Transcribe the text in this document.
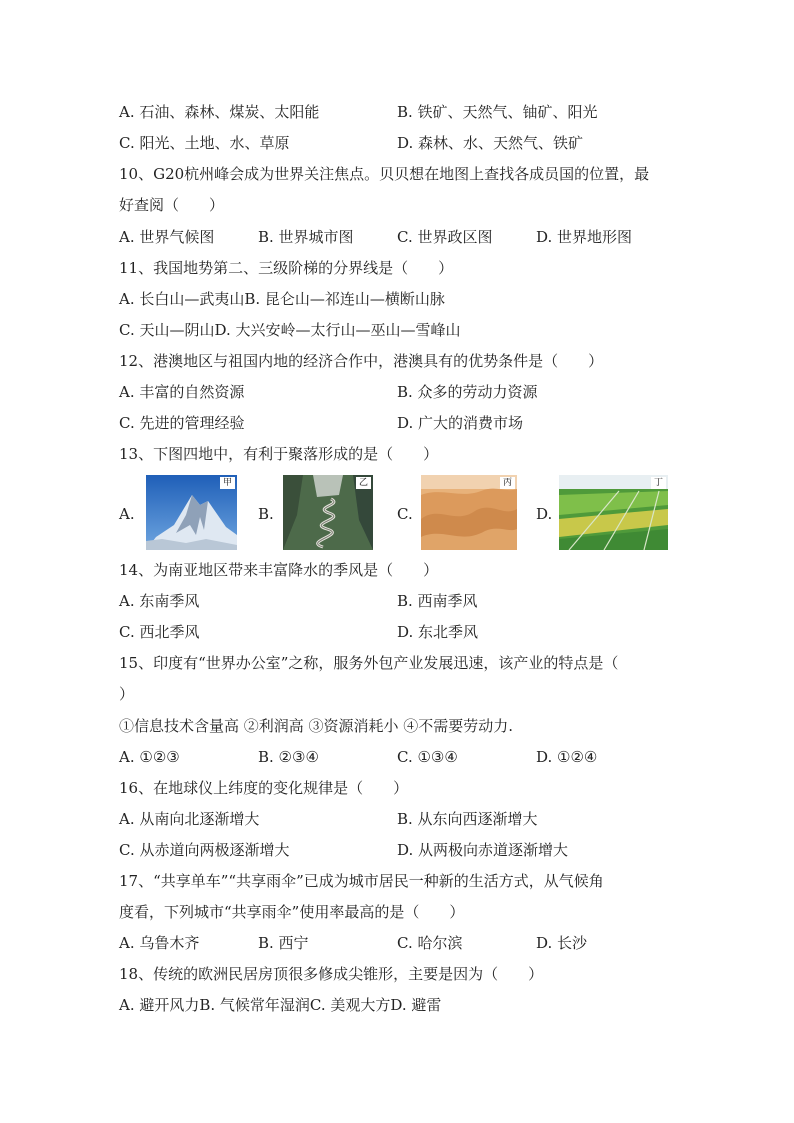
A. 石油、森林、煤炭、太阳能	B. 铁矿、天然气、铀矿、阳光
C. 阳光、土地、水、草原	D. 森林、水、天然气、铁矿
10、G20杭州峰会成为世界关注焦点。贝贝想在地图上查找各成员国的位置，最
好查阅（　　）
A. 世界气候图	B. 世界城市图	C. 世界政区图	D. 世界地形图
11、我国地势第二、三级阶梯的分界线是（　　）
A. 长白山—武夷山B. 昆仑山—祁连山—横断山脉
C. 天山—阴山D. 大兴安岭—太行山—巫山—雪峰山
12、港澳地区与祖国内地的经济合作中，港澳具有的优势条件是（　　）
A. 丰富的自然资源	B. 众多的劳动力资源
C. 先进的管理经验	D. 广大的消费市场
13、下图四地中，有利于聚落形成的是（　　）
A.
甲
B.
乙
C.
丙
D.
丁
14、为南亚地区带来丰富降水的季风是（　　）
A. 东南季风	B. 西南季风
C. 西北季风	D. 东北季风
15、印度有“世界办公室”之称，服务外包产业发展迅速，该产业的特点是（
）
①信息技术含量高 ②利润高 ③资源消耗小 ④不需要劳动力.
A. ①②③	B. ②③④	C. ①③④	D. ①②④
16、在地球仪上纬度的变化规律是（　　）
A. 从南向北逐渐增大	B. 从东向西逐渐增大
C. 从赤道向两极逐渐增大	D. 从两极向赤道逐渐增大
17、“共享单车”“共享雨伞”已成为城市居民一种新的生活方式，从气候角
度看，下列城市“共享雨伞”使用率最高的是（　　）
A. 乌鲁木齐	B. 西宁	C. 哈尔滨	D. 长沙
18、传统的欧洲民居房顶很多修成尖锥形，主要是因为（　　）
A. 避开风力B. 气候常年湿润C. 美观大方D. 避雷
